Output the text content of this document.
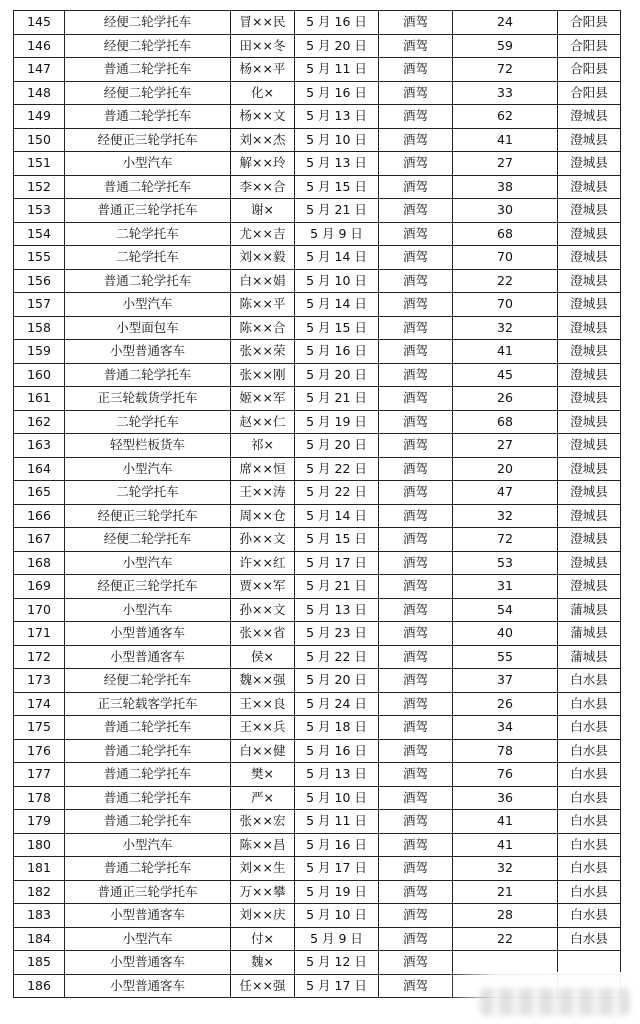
145	经便二轮学托车	冒××民	5 月 16 日	酒驾	24	合阳县
146	经便二轮学托车	田××冬	5 月 20 日	酒驾	59	合阳县
147	普通二轮学托车	杨××平	5 月 11 日	酒驾	72	合阳县
148	经便二轮学托车	化×	5 月 16 日	酒驾	33	合阳县
149	普通二轮学托车	杨××文	5 月 13 日	酒驾	62	澄城县
150	经便正三轮学托车	刘××杰	5 月 10 日	酒驾	41	澄城县
151	小型汽车	解××玲	5 月 13 日	酒驾	27	澄城县
152	普通二轮学托车	李××合	5 月 15 日	酒驾	38	澄城县
153	普通正三轮学托车	谢×	5 月 21 日	酒驾	30	澄城县
154	二轮学托车	尤××吉	5 月 9 日	酒驾	68	澄城县
155	二轮学托车	刘××毅	5 月 14 日	酒驾	70	澄城县
156	普通二轮学托车	白××娟	5 月 10 日	酒驾	22	澄城县
157	小型汽车	陈××平	5 月 14 日	酒驾	70	澄城县
158	小型面包车	陈××合	5 月 15 日	酒驾	32	澄城县
159	小型普通客车	张××荣	5 月 16 日	酒驾	41	澄城县
160	普通二轮学托车	张××刚	5 月 20 日	酒驾	45	澄城县
161	正三轮载货学托车	姬××军	5 月 21 日	酒驾	26	澄城县
162	二轮学托车	赵××仁	5 月 19 日	酒驾	68	澄城县
163	轻型栏板货车	祁×	5 月 20 日	酒驾	27	澄城县
164	小型汽车	席××恒	5 月 22 日	酒驾	20	澄城县
165	二轮学托车	王××涛	5 月 22 日	酒驾	47	澄城县
166	经便正三轮学托车	周××仓	5 月 14 日	酒驾	32	澄城县
167	经便二轮学托车	孙××文	5 月 15 日	酒驾	72	澄城县
168	小型汽车	许××红	5 月 17 日	酒驾	53	澄城县
169	经便正三轮学托车	贾××军	5 月 21 日	酒驾	31	澄城县
170	小型汽车	孙××文	5 月 13 日	酒驾	54	蒲城县
171	小型普通客车	张××省	5 月 23 日	酒驾	40	蒲城县
172	小型普通客车	侯×	5 月 22 日	酒驾	55	蒲城县
173	经便二轮学托车	魏××强	5 月 20 日	酒驾	37	白水县
174	正三轮载客学托车	王××良	5 月 24 日	酒驾	26	白水县
175	普通二轮学托车	王××兵	5 月 18 日	酒驾	34	白水县
176	普通二轮学托车	白××健	5 月 16 日	酒驾	78	白水县
177	普通二轮学托车	樊×	5 月 13 日	酒驾	76	白水县
178	普通二轮学托车	严×	5 月 10 日	酒驾	36	白水县
179	普通二轮学托车	张××宏	5 月 11 日	酒驾	41	白水县
180	小型汽车	陈××昌	5 月 16 日	酒驾	41	白水县
181	普通二轮学托车	刘××生	5 月 17 日	酒驾	32	白水县
182	普通正三轮学托车	万××攀	5 月 19 日	酒驾	21	白水县
183	小型普通客车	刘××庆	5 月 10 日	酒驾	28	白水县
184	小型汽车	付×	5 月 9 日	酒驾	22	白水县
185	小型普通客车	魏×	5 月 12 日	酒驾		
186	小型普通客车	任××强	5 月 17 日	酒驾		
